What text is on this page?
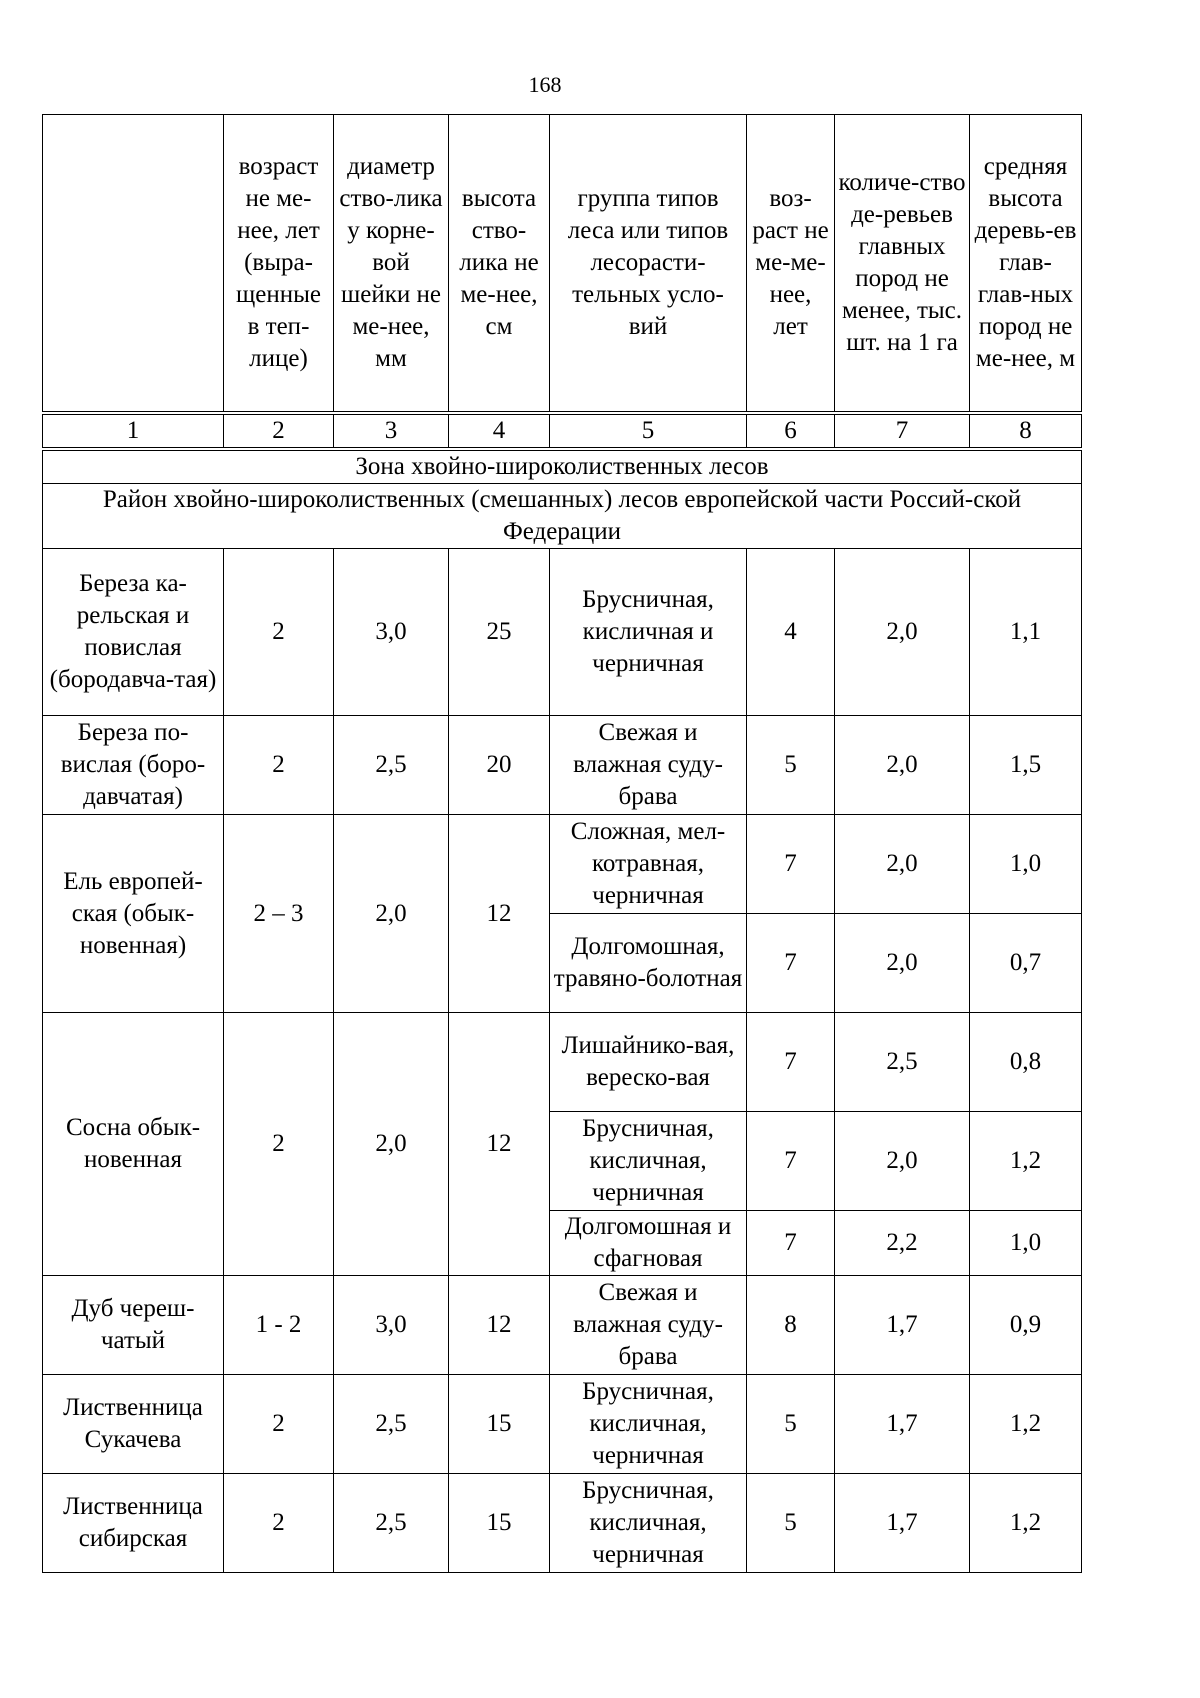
168
	возраст не ме-нее, лет (выра-щенные в теп-лице)	диаметр ство-лика у корне-вой шейки не ме-нее, мм	высота ство-лика не ме-нее, см	группа типов леса или типов лесорасти-тельных усло-вий	воз-раст не ме-ме-нее, лет	количе-ство де-ревьев главных пород не менее, тыс. шт. на 1 га	средняя высота деревь-ев глав-глав-ных пород не ме-нее, м
1	2	3	4	5	6	7	8
Зона хвойно-широколиственных лесов							
Район хвойно-широколиственных (смешанных) лесов европейской части Россий-ской Федерации							
Береза ка-рельская и повислая (бородавча-тая)	2	3,0	25	Брусничная, кисличная и черничная	4	2,0	1,1
Береза по-вислая (боро-давчатая)	2	2,5	20	Свежая и влажная суду-брава	5	2,0	1,5
Ель европей-ская (обык-новенная)	2 – 3	2,0	12	Сложная, мел-котравная, черничная	7	2,0	1,0
				Долгомошная, травяно-болотная	7	2,0	0,7
Сосна обык-новенная	2	2,0	12	Лишайнико-вая, вереско-вая	7	2,5	0,8
				Брусничная, кисличная, черничная	7	2,0	1,2
				Долгомошная и сфагновая	7	2,2	1,0
Дуб череш-чатый	1 - 2	3,0	12	Свежая и влажная суду-брава	8	1,7	0,9
Лиственница Сукачева	2	2,5	15	Брусничная, кисличная, черничная	5	1,7	1,2
Лиственница сибирская	2	2,5	15	Брусничная, кисличная, черничная	5	1,7	1,2
